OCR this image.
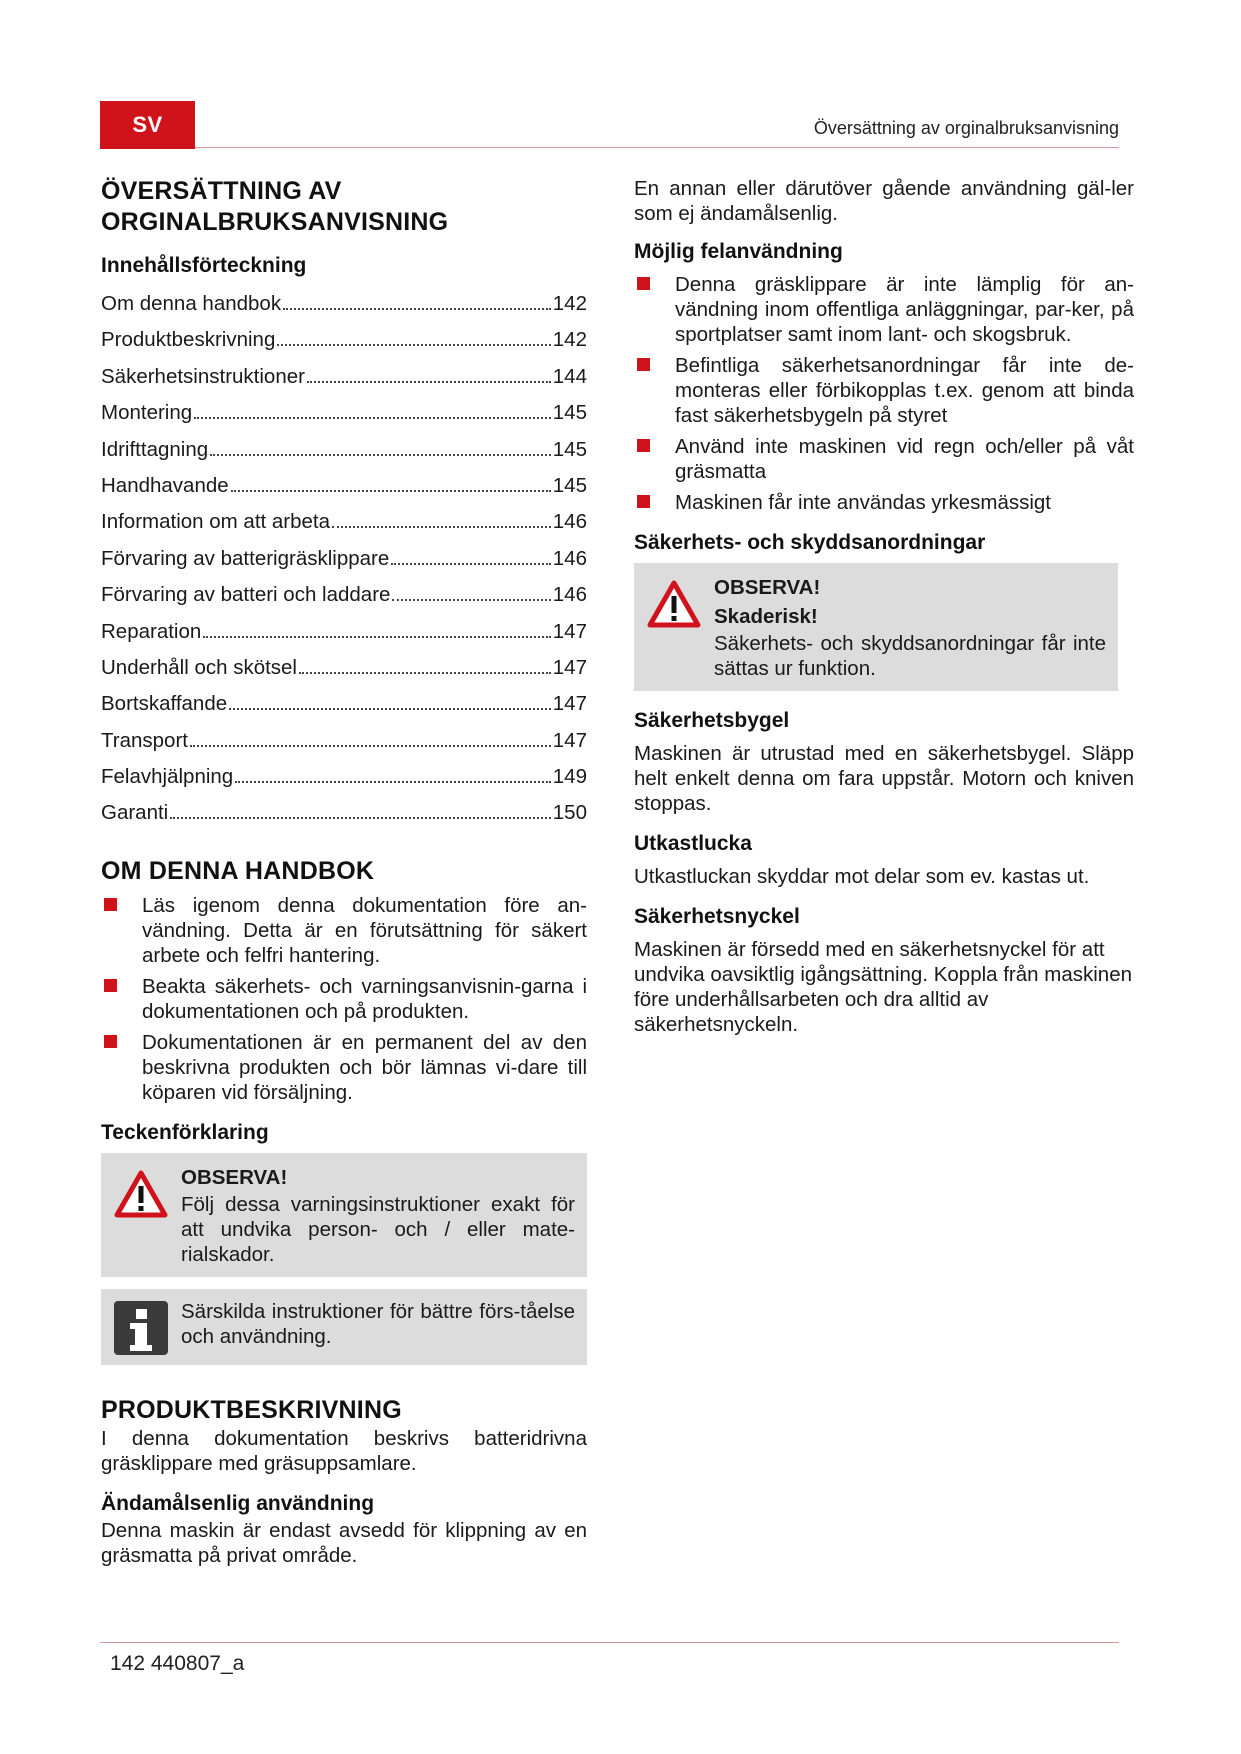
SV	Översättning av orginalbruksanvisning
ÖVERSÄTTNING AV
ORGINALBRUKSANVISNING
Innehållsförteckning
Om denna handbok	142
Produktbeskrivning	142
Säkerhetsinstruktioner	144
Montering	145
Idrifttagning	145
Handhavande	145
Information om att arbeta	146
Förvaring av batterigräsklippare	146
Förvaring av batteri och laddare	146
Reparation	147
Underhåll och skötsel	147
Bortskaffande	147
Transport	147
Felavhjälpning	149
Garanti	150
OM DENNA HANDBOK
Läs igenom denna dokumentation före an-vändning. Detta är en förutsättning för säkert arbete och felfri hantering.
Beakta säkerhets- och varningsanvisnin-garna i dokumentationen och på produkten.
Dokumentationen är en permanent del av den beskrivna produkten och bör lämnas vi-dare till köparen vid försäljning.
Teckenförklaring
OBSERVA!
Följ dessa varningsinstruktioner exakt för att undvika person- och / eller mate-rialskador.
Särskilda instruktioner för bättre förs-tåelse och användning.
PRODUKTBESKRIVNING

I denna dokumentation beskrivs batteridrivna gräsklippare med gräsuppsamlare.

Ändamålsenlig användning

Denna maskin är endast avsedd för klippning av en gräsmatta på privat område.

En annan eller därutöver gående användning gäl-ler som ej ändamålsenlig.

Möjlig felanvändning
Denna gräsklippare är inte lämplig för an-vändning inom offentliga anläggningar, par-ker, på sportplatser samt inom lant- och skogsbruk.
Befintliga säkerhetsanordningar får inte de-monteras eller förbikopplas t.ex. genom att binda fast säkerhetsbygeln på styret
Använd inte maskinen vid regn och/eller på våt gräsmatta
Maskinen får inte användas yrkesmässigt
Säkerhets- och skyddsanordningar
OBSERVA!
Skaderisk!
Säkerhets- och skyddsanordningar får inte sättas ur funktion.
Säkerhetsbygel

Maskinen är utrustad med en säkerhetsbygel. Släpp helt enkelt denna om fara uppstår. Motorn och kniven stoppas.

Utkastlucka

Utkastluckan skyddar mot delar som ev. kastas ut.

Säkerhetsnyckel

Maskinen är försedd med en säkerhetsnyckel för att undvika oavsiktlig igångsättning. Koppla från maskinen före underhållsarbeten och dra alltid av säkerhetsnyckeln.

142 440807_a
